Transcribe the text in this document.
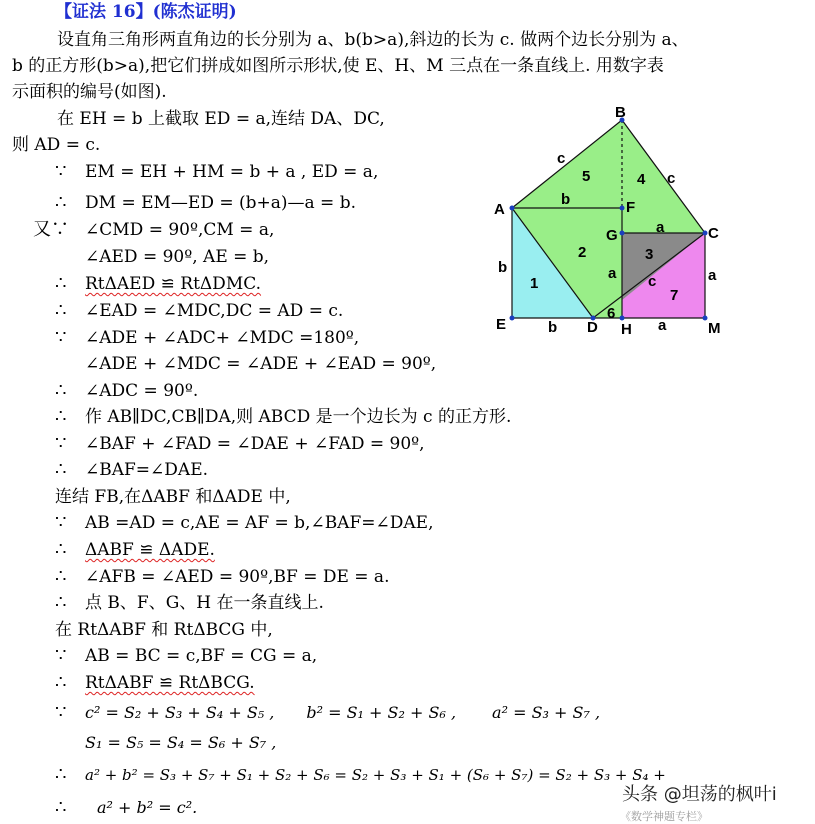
【证法 16】(陈杰证明)
设直角三角形两直角边的长分别为 a、b(b>a),斜边的长为 c. 做两个边长分别为 a、
b 的正方形(b>a),把它们拼成如图所示形状,使 E、H、M 三点在一条直线上. 用数字表
示面积的编号(如图).
在 EH = b 上截取 ED = a,连结 DA、DC,
则 AD = c.
∵ EM = EH + HM = b + a , ED = a,
∴ DM = EM—ED = (b+a)—a = b.
又∵ ∠CMD = 90º,CM = a,
∠AED = 90º, AE = b,
∴ RtΔAED ≌ RtΔDMC.
∴ ∠EAD = ∠MDC,DC = AD = c.
∵ ∠ADE + ∠ADC+ ∠MDC =180º,
∠ADE + ∠MDC = ∠ADE + ∠EAD = 90º,
∴ ∠ADC = 90º.
∴ 作 AB∥DC,CB∥DA,则 ABCD 是一个边长为 c 的正方形.
∵ ∠BAF + ∠FAD = ∠DAE + ∠FAD = 90º,
∴ ∠BAF=∠DAE.
连结 FB,在ΔABF 和ΔADE 中,
∵ AB =AD = c,AE = AF = b,∠BAF=∠DAE,
∴ ΔABF ≌ ΔADE.
∴ ∠AFB = ∠AED = 90º,BF = DE = a.
∴ 点 B、F、G、H 在一条直线上.
在 RtΔABF 和 RtΔBCG 中,
∵ AB = BC = c,BF = CG = a,
∴ RtΔABF ≌ RtΔBCG.
∵ c² = S₂ + S₃ + S₄ + S₅ , b² = S₁ + S₂ + S₆ , a² = S₃ + S₇ ,
S₁ = S₅ = S₄ = S₆ + S₇ ,
∴ a² + b² = S₃ + S₇ + S₁ + S₂ + S₆ = S₂ + S₃ + S₁ + (S₆ + S₇) = S₂ + S₃ + S₄ +
∴ a² + b² = c².
A
B
C
D
E
F
G
H	M
1
2	3
4
5
6
7
c
c
b
a
b	a c	a
b	a
头条 @坦荡的枫叶i
《数学神题专栏》
